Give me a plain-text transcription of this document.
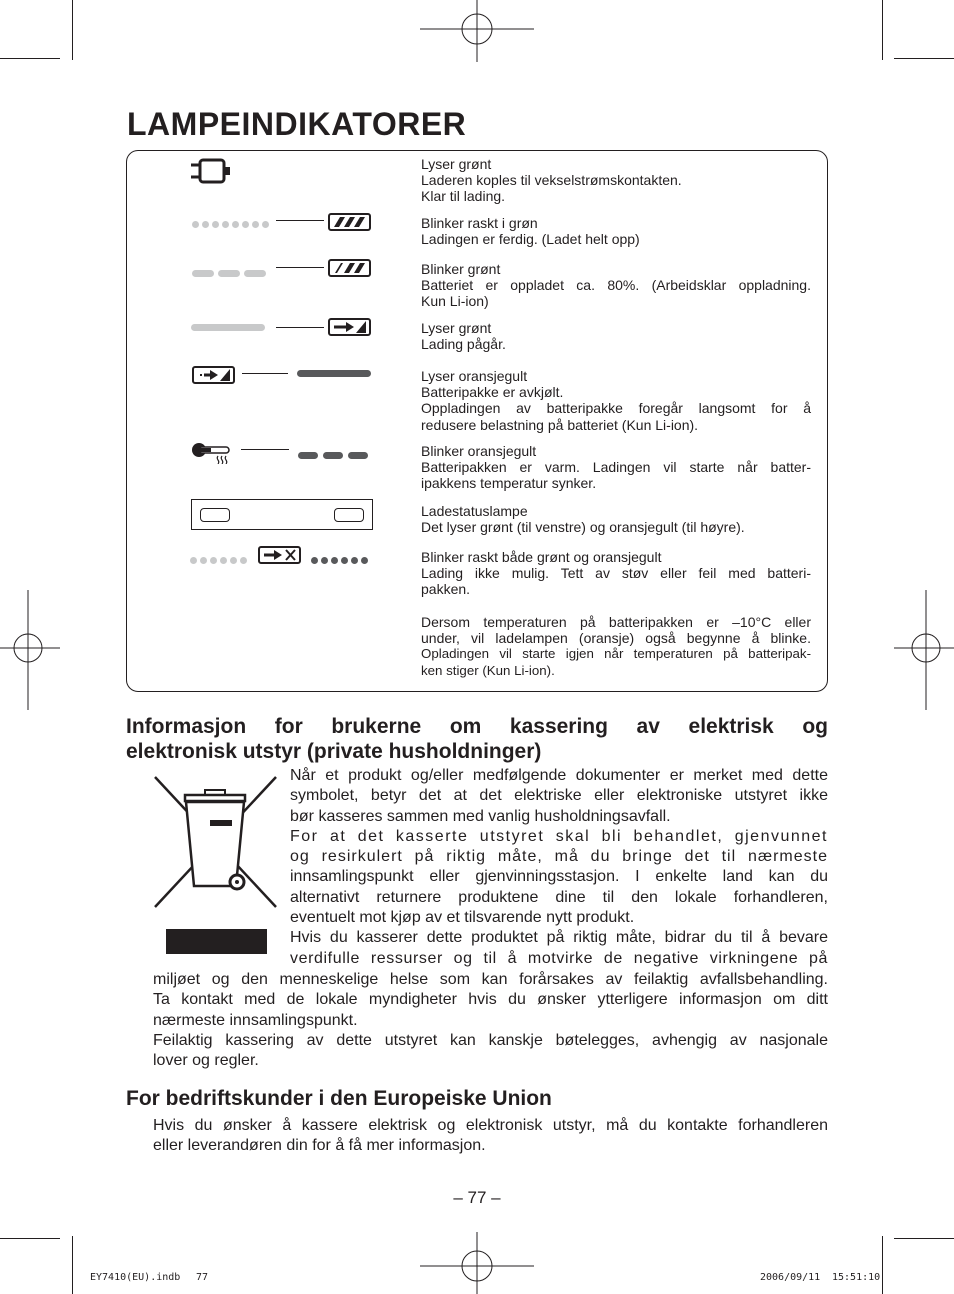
LAMPEINDIKATORER
Lyser grønt
Laderen koples til vekselstrømskontakten.
Klar til lading.
Blinker raskt i grøn
Ladingen er ferdig. (Ladet helt opp)
Blinker grønt
Batteriet er oppladet ca. 80%. (Arbeidsklar oppladning.
Kun Li-ion)
Lyser grønt
Lading pågår.
Lyser oransjegult
Batteripakke er avkjølt.
Oppladingen av batteripakke foregår langsomt for å
redusere belastning på batteriet (Kun Li-ion).
Blinker oransjegult
Batteripakken er varm. Ladingen vil starte når batter-
ipakkens temperatur synker.
Ladestatuslampe
Det lyser grønt (til venstre) og oransjegult (til høyre).
Blinker raskt både grønt og oransjegult
Lading ikke mulig. Tett av støv eller feil med batteri-
pakken.
Dersom temperaturen på batteripakken er –10°C eller
under, vil ladelampen (oransje) også begynne å blinke.
Opladingen vil starte igjen når temperaturen på batteripak-
ken stiger (Kun Li-ion).
Informasjon for brukerne om kassering av elektrisk og
elektronisk utstyr (private husholdninger)
Når et produkt og/eller medfølgende dokumenter er merket med dette
symbolet, betyr det at det elektriske eller elektroniske utstyret ikke
bør kasseres sammen med vanlig husholdningsavfall.
For at det kasserte utstyret skal bli behandlet, gjenvunnet
og resirkulert på riktig måte, må du bringe det til nærmeste
innsamlingspunkt eller gjenvinningsstasjon. I enkelte land kan du
alternativt returnere produktene dine til den lokale forhandleren,
eventuelt mot kjøp av et tilsvarende nytt produkt.
Hvis du kasserer dette produktet på riktig måte, bidrar du til å bevare
verdifulle ressurser og til å motvirke de negative virkningene på
miljøet og den menneskelige helse som kan forårsakes av feilaktig avfallsbehandling.
Ta kontakt med de lokale myndigheter hvis du ønsker ytterligere informasjon om ditt
nærmeste innsamlingspunkt.
Feilaktig kassering av dette utstyret kan kanskje bøtelegges, avhengig av nasjonale
lover og regler.
For bedriftskunder i den Europeiske Union
Hvis du ønsker å kassere elektrisk og elektronisk utstyr, må du kontakte forhandleren
eller leverandøren din for å få mer informasjon.
– 77 –
EY7410(EU).indb 77	2006/09/11 15:51:10
